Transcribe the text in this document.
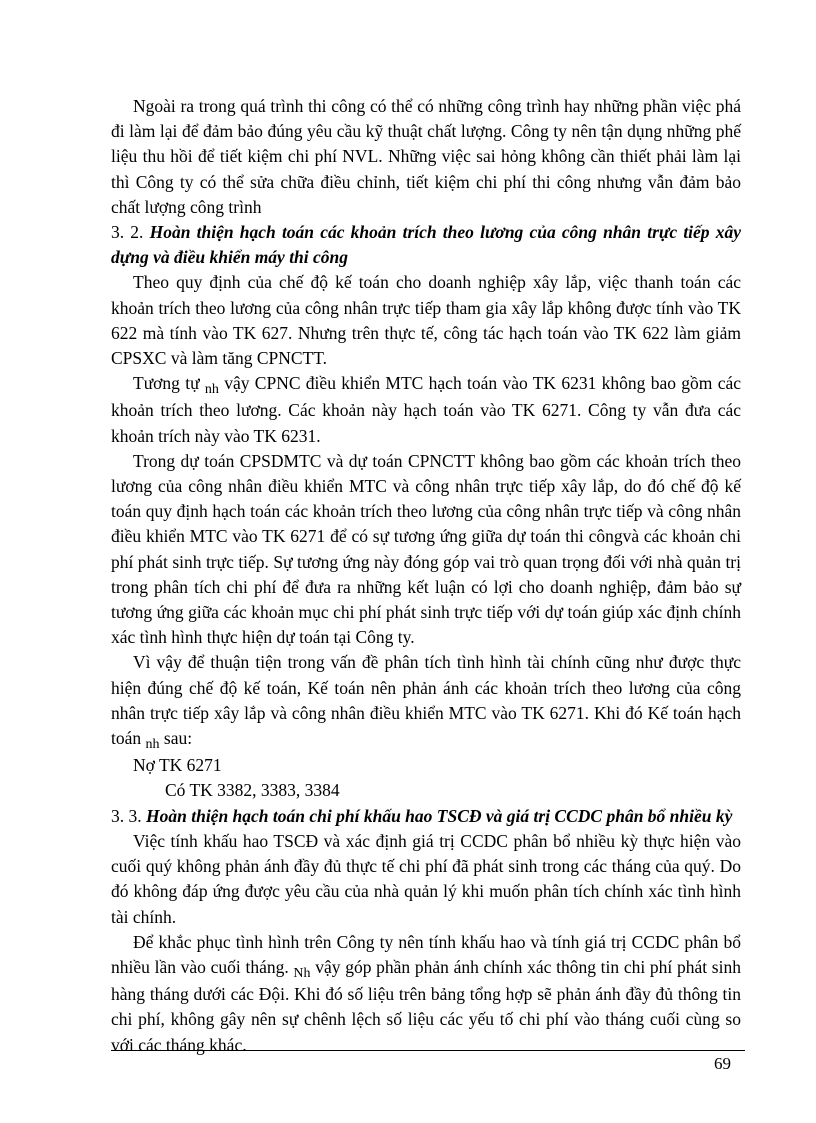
Ngoài ra trong quá trình thi công có thể có những công trình hay những phần việc phá đi làm lại để đảm bảo đúng yêu cầu kỹ thuật chất lượng. Công ty nên tận dụng những phế liệu thu hồi để tiết kiệm chi phí NVL. Những việc sai hỏng không cần thiết phải làm lại thì Công ty có thể sửa chữa điều chỉnh, tiết kiệm chi phí thi công nhưng vẫn đảm bảo chất lượng công trình

3. 2. Hoàn thiện hạch toán các khoản trích theo lương của công nhân trực tiếp xây dựng và điều khiển máy thi công

Theo quy định của chế độ kế toán cho doanh nghiệp xây lắp, việc thanh toán các khoản trích theo lương của công nhân trực tiếp tham gia xây lắp không được tính vào TK 622 mà tính vào TK 627. Nhưng trên thực tế, công tác hạch toán vào TK 622 làm giảm CPSXC và làm tăng CPNCTT.

Tương tự $_{nh}$ vậy CPNC điều khiển MTC hạch toán vào TK 6231 không bao gồm các khoản trích theo lương. Các khoản này hạch toán vào TK 6271. Công ty vẫn đưa các khoản trích này vào TK 6231.

Trong dự toán CPSDMTC và dự toán CPNCTT không bao gồm các khoản trích theo lương của công nhân điều khiển MTC và công nhân trực tiếp xây lắp, do đó chế độ kế toán quy định hạch toán các khoản trích theo lương của công nhân trực tiếp và công nhân điều khiển MTC vào TK 6271 để có sự tương ứng giữa dự toán thi côngvà các khoản chi phí phát sinh trực tiếp. Sự tương ứng này đóng góp vai trò quan trọng đối với nhà quản trị trong phân tích chi phí để đưa ra những kết luận có lợi cho doanh nghiệp, đảm bảo sự tương ứng giữa các khoản mục chi phí phát sinh trực tiếp với dự toán giúp xác định chính xác tình hình thực hiện dự toán tại Công ty.

Vì vậy để thuận tiện trong vấn đề phân tích tình hình tài chính cũng như được thực hiện đúng chế độ kế toán, Kế toán nên phản ánh các khoản trích theo lương của công nhân trực tiếp xây lắp và công nhân điều khiển MTC vào TK 6271. Khi đó Kế toán hạch toán $_{nh}$ sau:

Nợ TK 6271

Có TK 3382, 3383, 3384

3. 3. Hoàn thiện hạch toán chi phí khấu hao TSCĐ và giá trị CCDC phân bổ nhiều kỳ

Việc tính khấu hao TSCĐ và xác định giá trị CCDC phân bổ nhiều kỳ thực hiện vào cuối quý không phản ánh đầy đủ thực tế chi phí đã phát sinh trong các tháng của quý. Do đó không đáp ứng được yêu cầu của nhà quản lý khi muốn phân tích chính xác tình hình tài chính.

Để khắc phục tình hình trên Công ty nên tính khấu hao và tính giá trị CCDC phân bổ nhiều lần vào cuối tháng. $_{Nh}$ vậy góp phần phản ánh chính xác thông tin chi phí phát sinh hàng tháng dưới các Đội. Khi đó số liệu trên bảng tổng hợp sẽ phản ánh đầy đủ thông tin chi phí, không gây nên sự chênh lệch số liệu các yếu tố chi phí vào tháng cuối cùng so với các tháng khác.

69
